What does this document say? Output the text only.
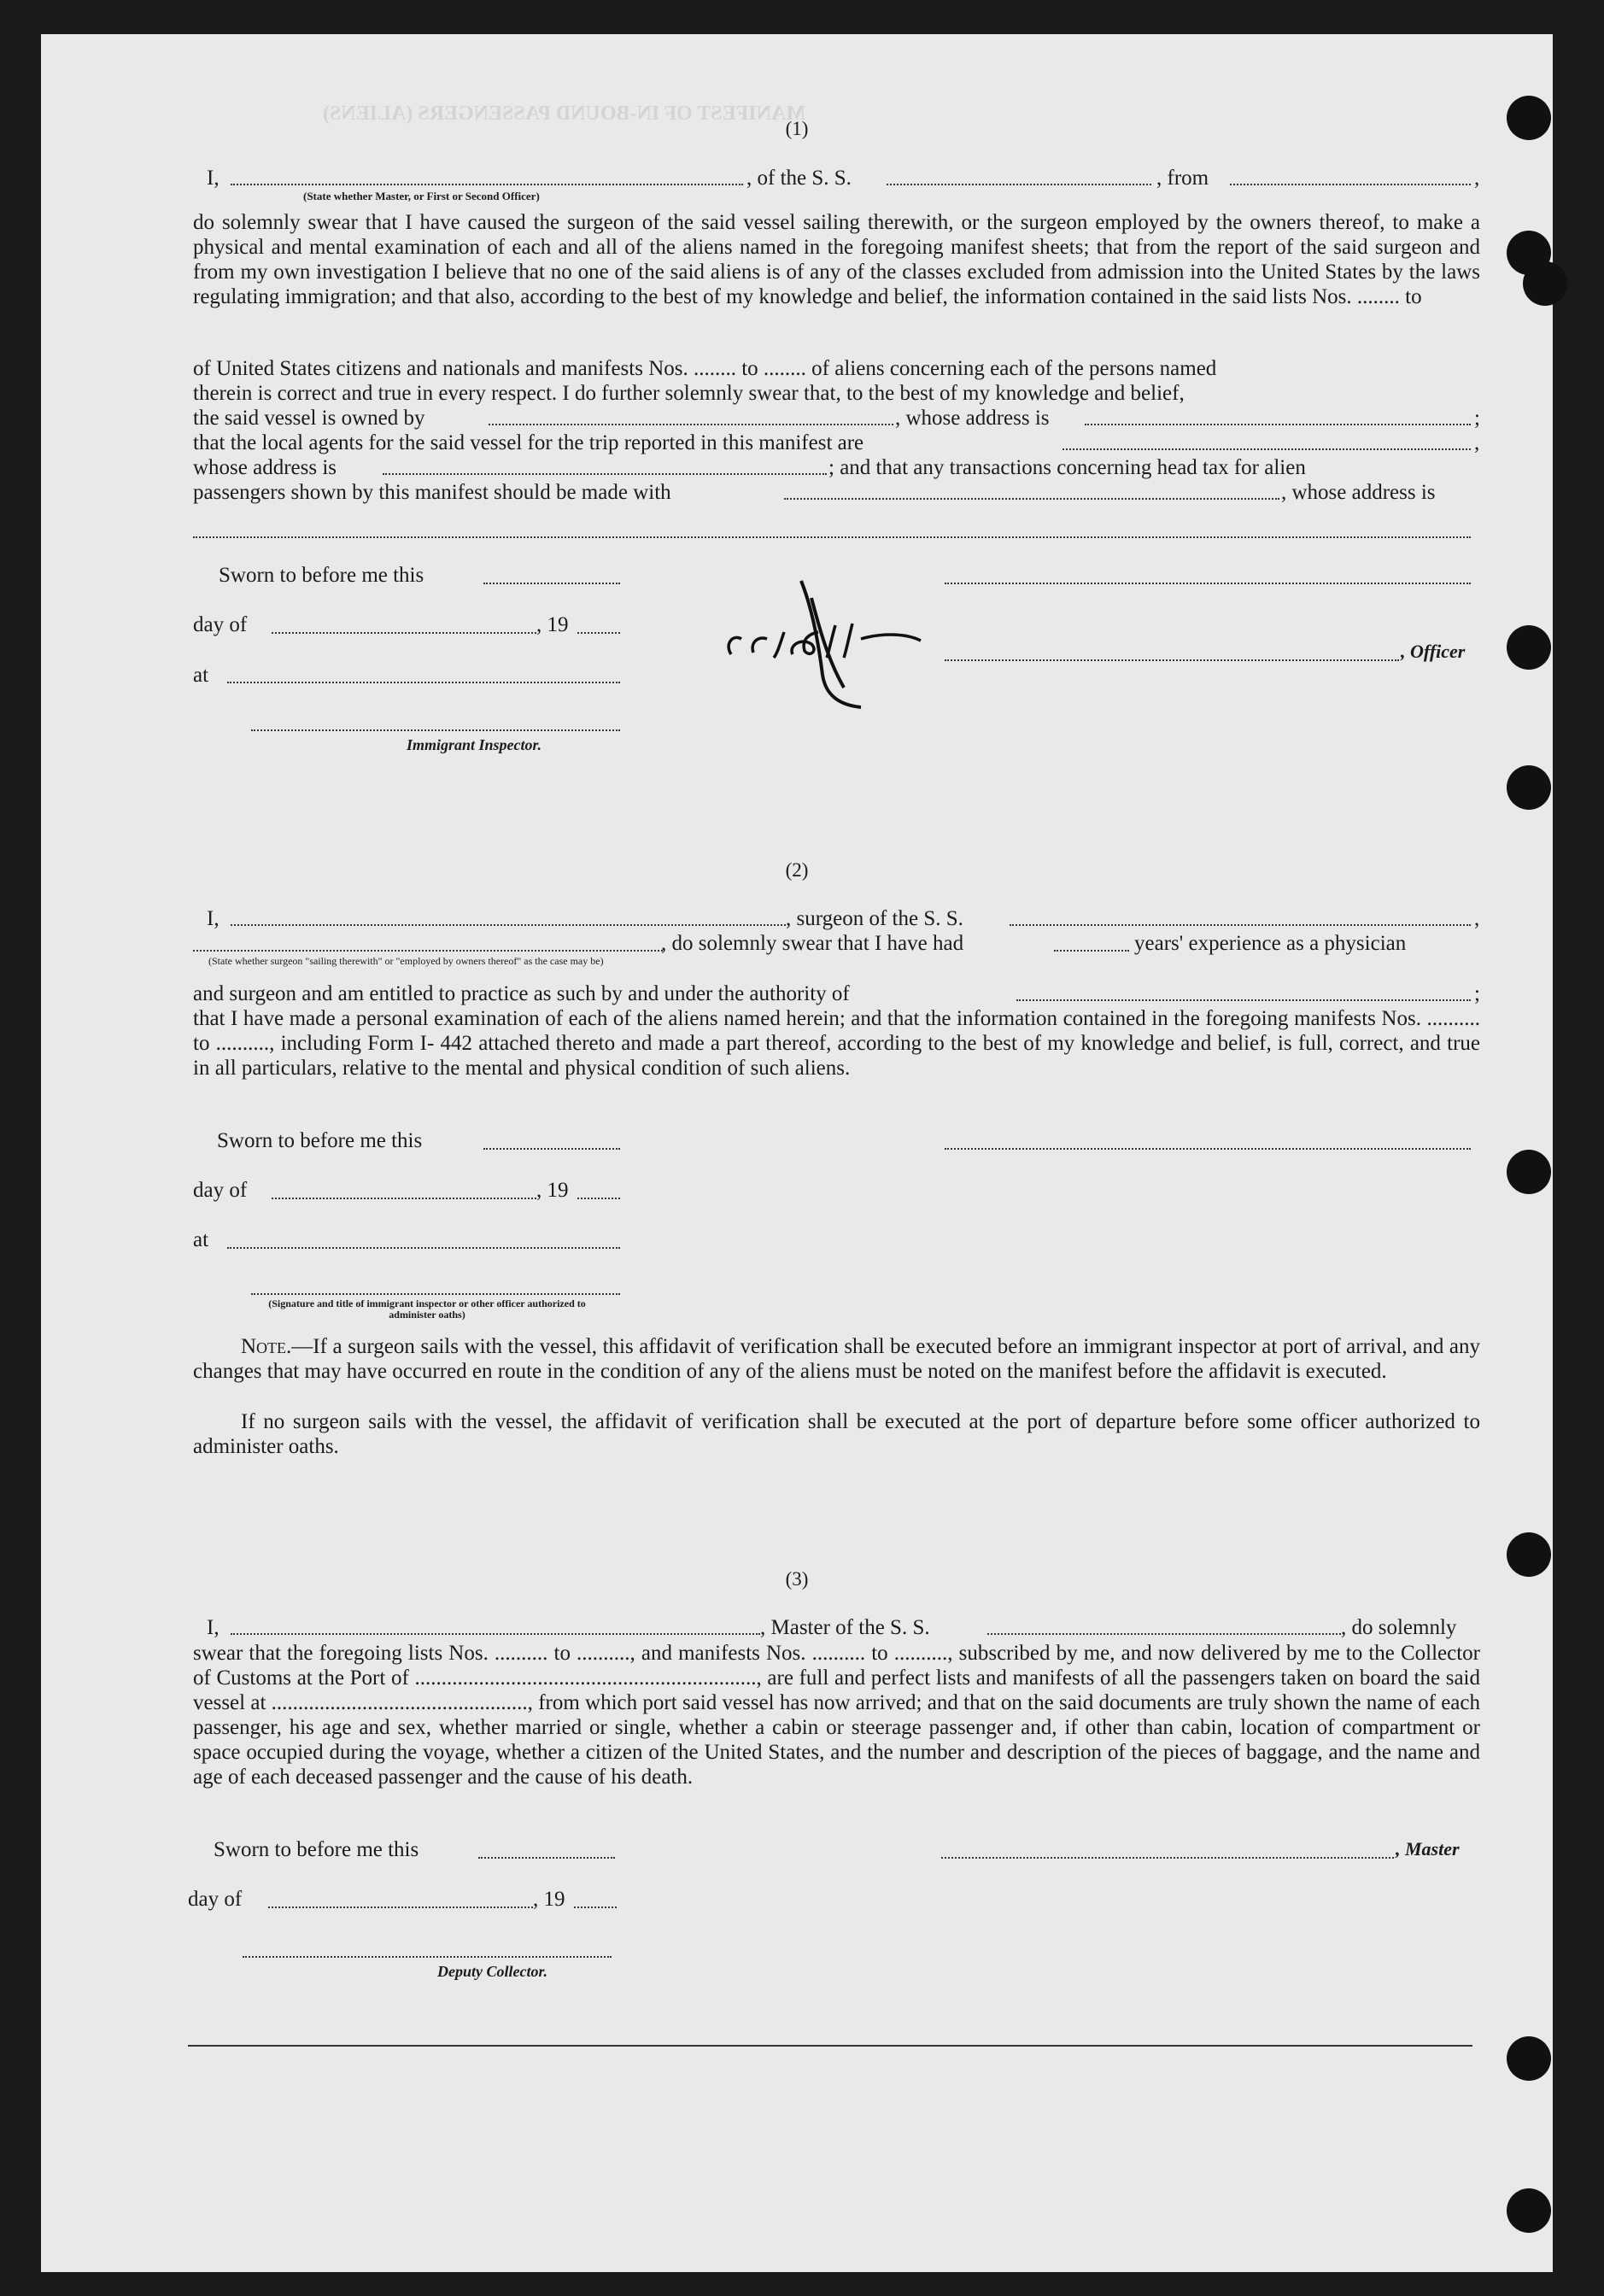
MANIFEST OF IN-BOUND PASSENGERS (ALIENS)
(1)
I,	, of the S. S.	, from	,
(State whether Master, or First or Second Officer)

do solemnly swear that I have caused the surgeon of the said vessel sailing therewith, or the surgeon employed by the owners thereof, to make a physical and mental examination of each and all of the aliens named in the foregoing manifest sheets; that from the report of the said surgeon and from my own investigation I believe that no one of the said aliens is of any of the classes excluded from admission into the United States by the laws regulating immigration; and that also, according to the best of my knowledge and belief, the information contained in the said lists Nos. ........ to

of United States citizens and nationals and manifests Nos. ........ to ........ of aliens concerning each of the persons named
therein is correct and true in every respect. I do further solemnly swear that, to the best of my knowledge and belief,
the said vessel is owned by	, whose address is	;
that the local agents for the said vessel for the trip reported in this manifest are	,
whose address is	; and that any transactions concerning head tax for alien
passengers shown by this manifest should be made with	, whose address is
Sworn to before me this
day of	, 19
, Officer
at
Immigrant Inspector.
(2)
I,	, surgeon of the S. S.	,
, do solemnly swear that I have had	years' experience as a physician
(State whether surgeon "sailing therewith" or "employed by owners thereof" as the case may be)
and surgeon and am entitled to practice as such by and under the authority of	;

that I have made a personal examination of each of the aliens named herein; and that the information contained in the foregoing manifests Nos. .......... to .........., including Form I- 442 attached thereto and made a part thereof, according to the best of my knowledge and belief, is full, correct, and true in all particulars, relative to the mental and physical condition of such aliens.

Sworn to before me this
day of	, 19
at
(Signature and title of immigrant inspector or other officer authorized to administer oaths)

Note.—If a surgeon sails with the vessel, this affidavit of verification shall be executed before an immigrant inspector at port of arrival, and any changes that may have occurred en route in the condition of any of the aliens must be noted on the manifest before the affidavit is executed.

If no surgeon sails with the vessel, the affidavit of verification shall be executed at the port of departure before some officer authorized to administer oaths.

(3)
I,	, Master of the S. S.	, do solemnly

swear that the foregoing lists Nos. .......... to .........., and manifests Nos. .......... to .........., subscribed by me, and now delivered by me to the Collector of Customs at the Port of ................................................................, are full and perfect lists and manifests of all the passengers taken on board the said vessel at ................................................, from which port said vessel has now arrived; and that on the said documents are truly shown the name of each passenger, his age and sex, whether married or single, whether a cabin or steerage passenger and, if other than cabin, location of compartment or space occupied during the voyage, whether a citizen of the United States, and the number and description of the pieces of baggage, and the name and age of each deceased passenger and the cause of his death.

Sworn to before me this	, Master
day of	, 19
Deputy Collector.
